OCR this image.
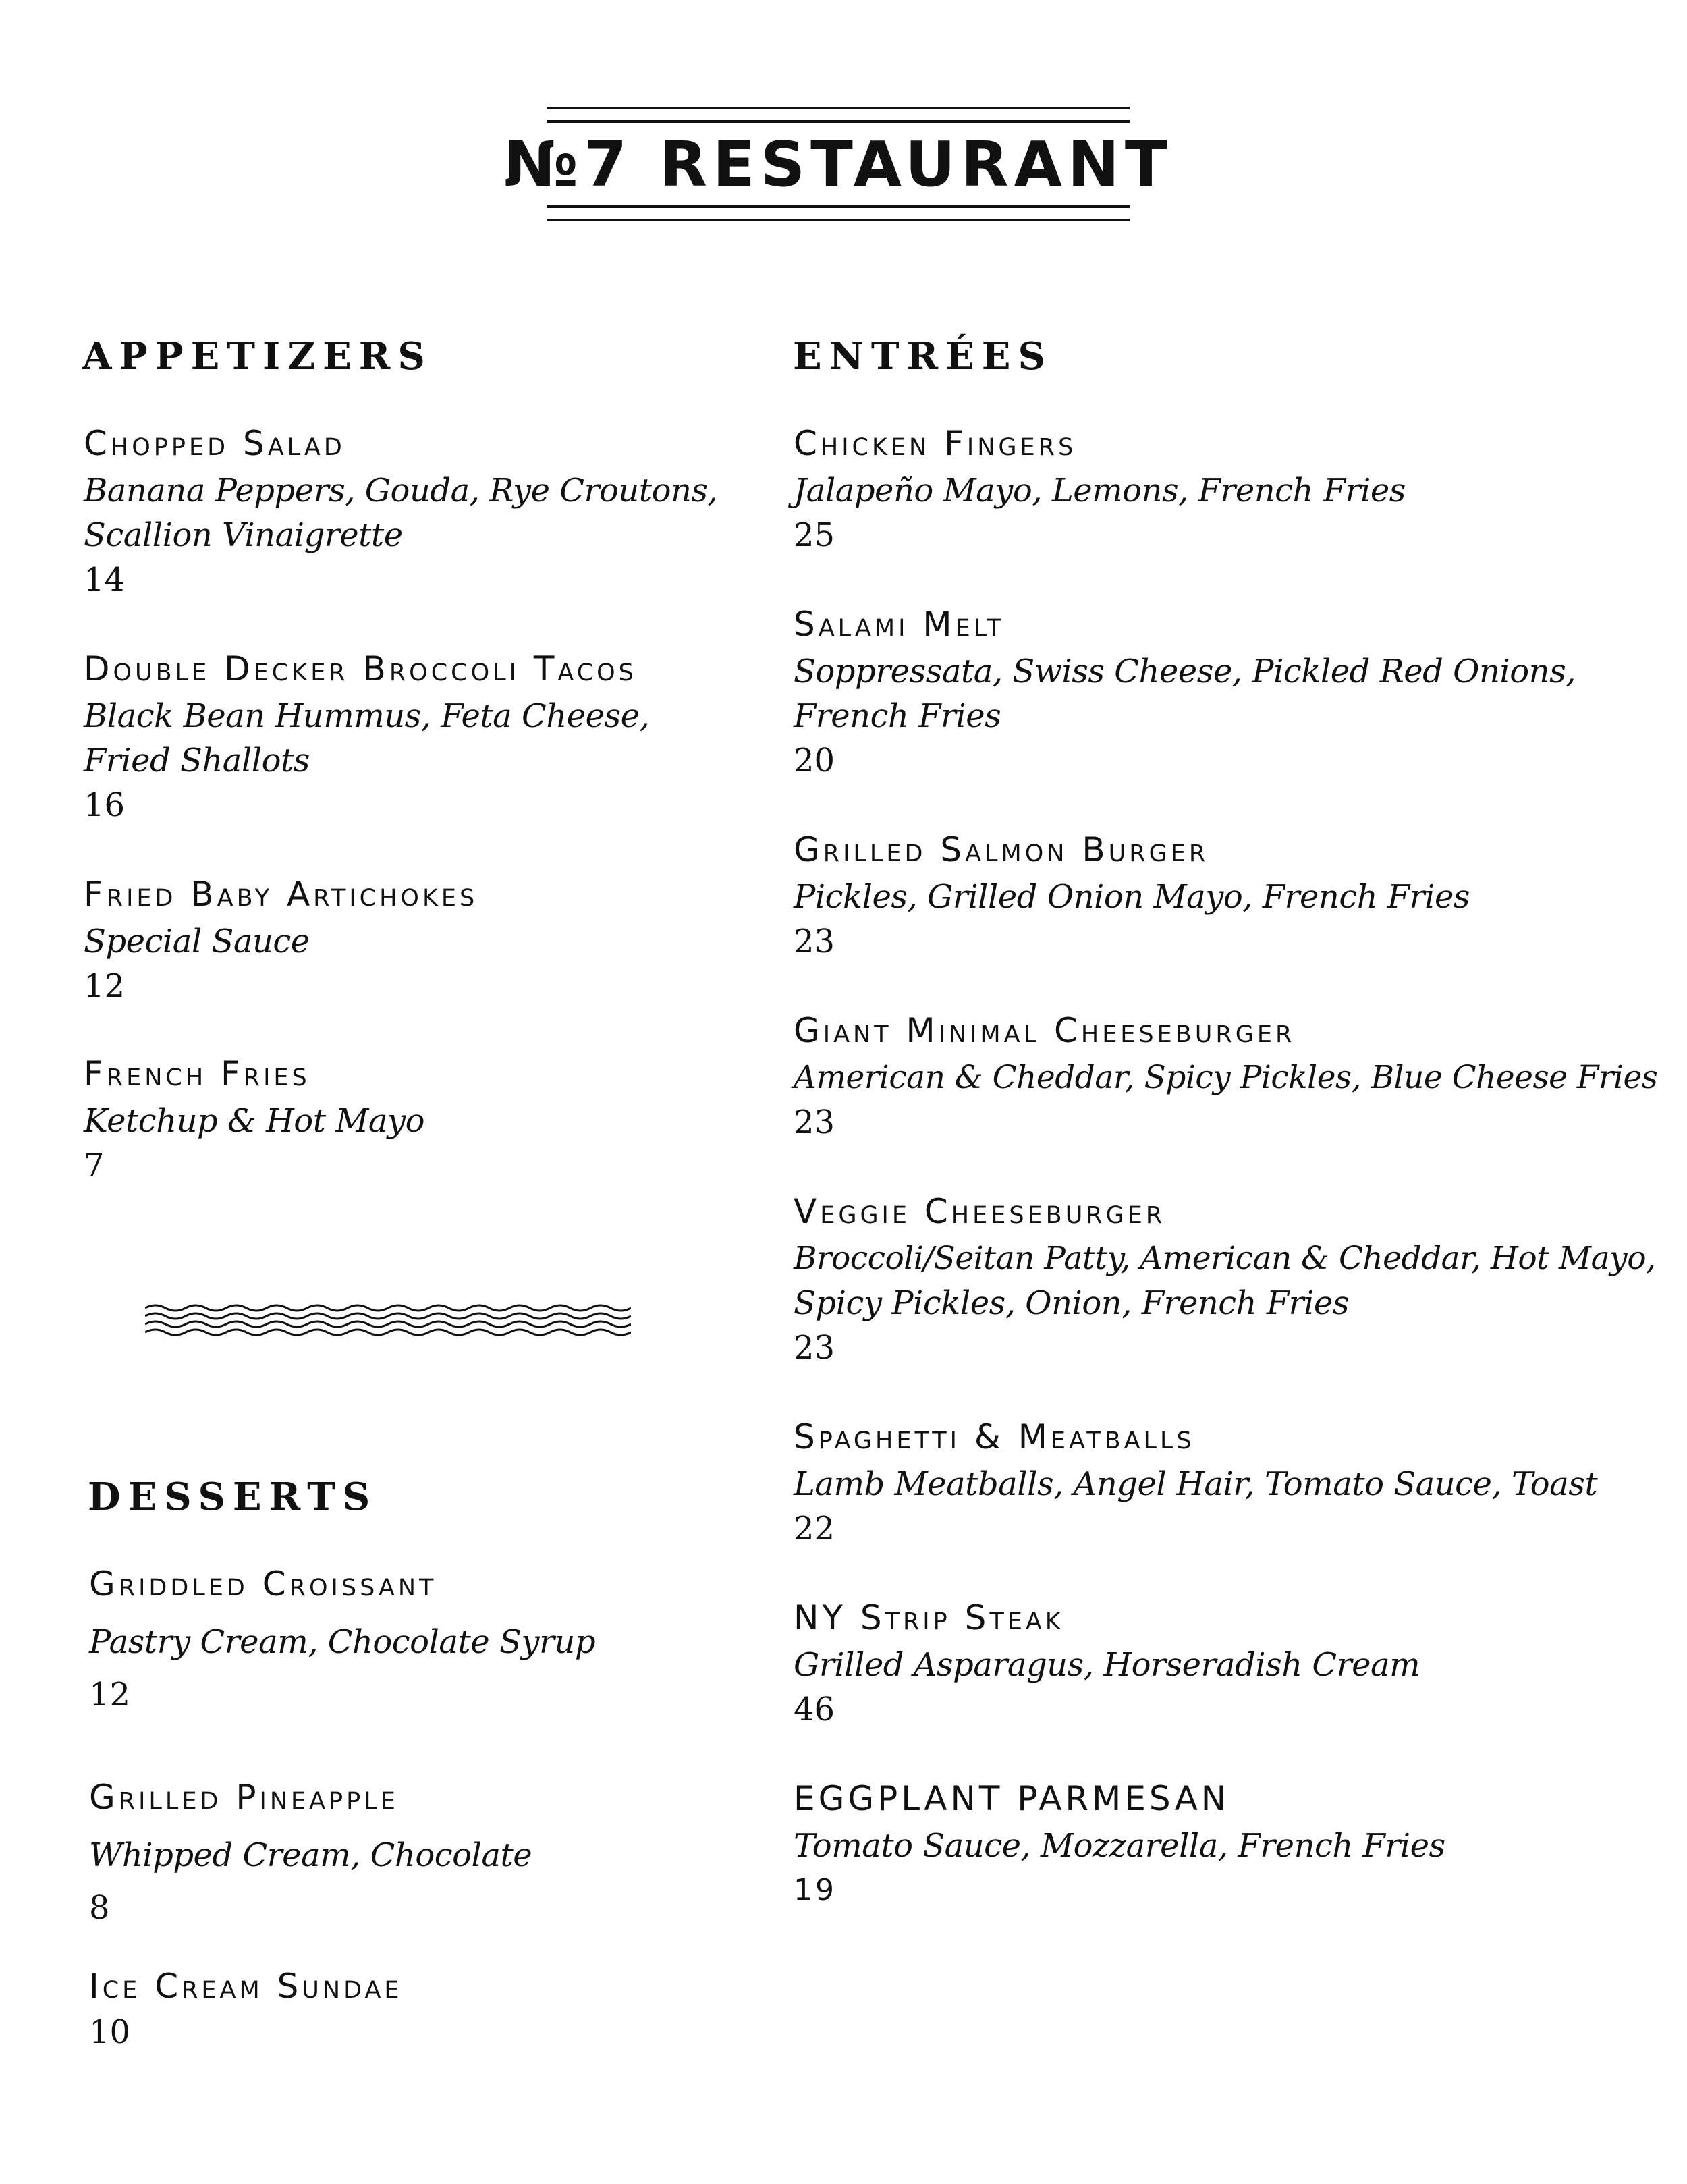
№7 RESTAURANT
APPETIZERS
Chopped Salad
Banana Peppers, Gouda, Rye Croutons,
Scallion Vinaigrette
14
Double Decker Broccoli Tacos
Black Bean Hummus, Feta Cheese,
Fried Shallots
16
Fried Baby Artichokes
Special Sauce
12
French Fries
Ketchup & Hot Mayo
7
DESSERTS
Griddled Croissant
Pastry Cream, Chocolate Syrup
12
Grilled Pineapple
Whipped Cream, Chocolate
8
Ice Cream Sundae
10
ENTRÉES
Chicken Fingers
Jalapeño Mayo, Lemons, French Fries
25
Salami Melt
Soppressata, Swiss Cheese, Pickled Red Onions,
French Fries
20
Grilled Salmon Burger
Pickles, Grilled Onion Mayo, French Fries
23
Giant Minimal Cheeseburger
American & Cheddar, Spicy Pickles, Blue Cheese Fries
23
Veggie Cheeseburger
Broccoli/Seitan Patty, American & Cheddar, Hot Mayo,
Spicy Pickles, Onion, French Fries
23
Spaghetti & Meatballs
Lamb Meatballs, Angel Hair, Tomato Sauce, Toast
22
NY Strip Steak
Grilled Asparagus, Horseradish Cream
46
EGGPLANT PARMESAN
Tomato Sauce, Mozzarella, French Fries
19
